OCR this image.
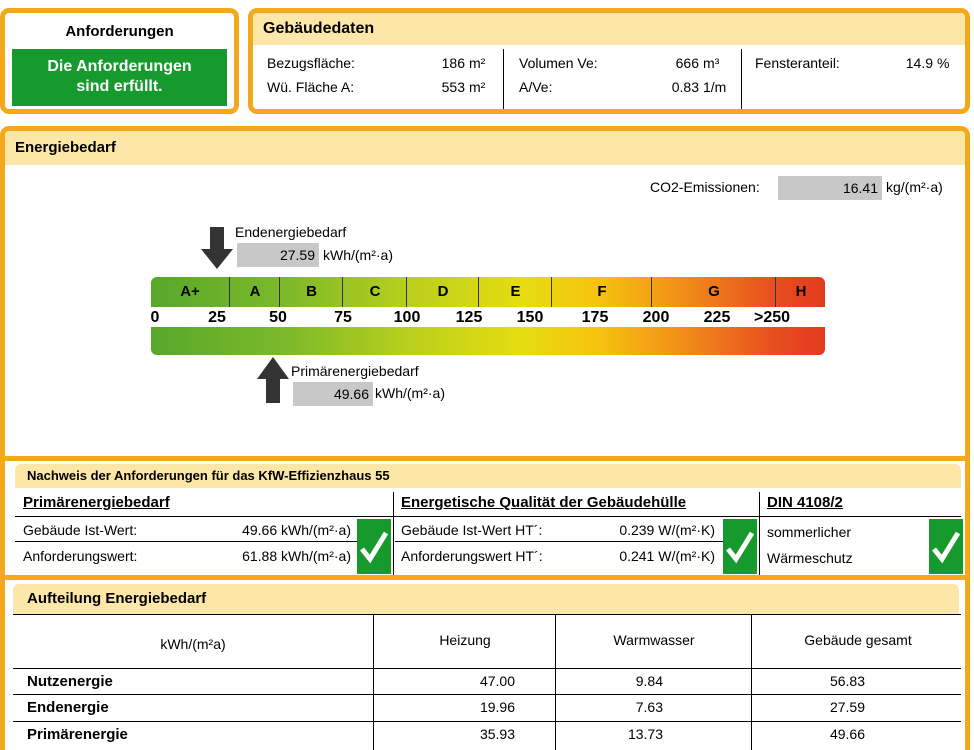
Anforderungen
Die Anforderungen
sind erfüllt.
Gebäudedaten
Bezugsfläche:	186 m²
Wü. Fläche A:	553 m²
Volumen Ve:	666 m³
A/Ve:	0.83 1/m
Fensteranteil:	14.9 %
Energiebedarf
CO2-Emissionen:	16.41 kg/(m²·a)
Endenergiebedarf
27.59 kWh/(m²·a)
A+	A	B	C	D	E	F	G	H
0	25	50	75	100	125	150	175	200	225	>250
Primärenergiebedarf
49.66 kWh/(m²·a)
Nachweis der Anforderungen für das KfW-Effizienzhaus 55
Primärenergiebedarf	Energetische Qualität der Gebäudehülle	DIN 4108/2
Gebäude Ist-Wert:	49.66 kWh/(m²·a)
Anforderungswert:	61.88 kWh/(m²·a)
Gebäude Ist-Wert HT´:	0.239 W/(m²·K)
Anforderungswert HT´:	0.241 W/(m²·K)
sommerlicher
Wärmeschutz
Aufteilung Energiebedarf
kWh/(m²a)	Heizung	Warmwasser	Gebäude gesamt
Nutzenergie	47.00	9.84	56.83
Endenergie	19.96	7.63	27.59
Primärenergie	35.93	13.73	49.66
